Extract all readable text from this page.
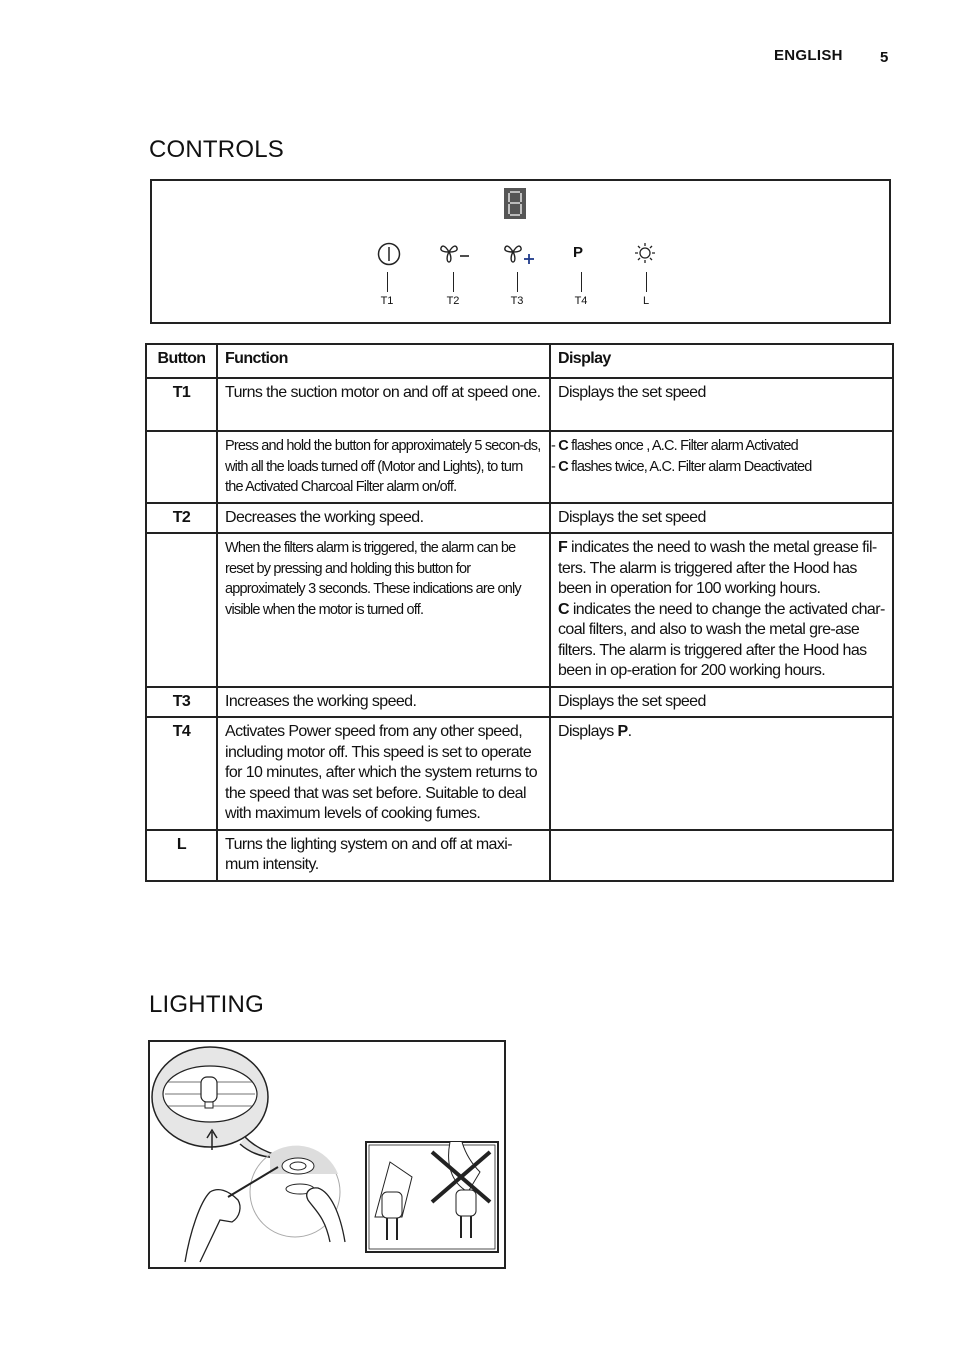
ENGLISH 5
CONTROLS
P
T1	T2	T3	T4	L
Button	Function	Display
T1	Turns the suction motor on and off at speed one.	Displays the set speed
	Press and hold the button for approximately 5 secon-ds, with all the loads turned off (Motor and Lights), to turn the Activated Charcoal Filter alarm on/off.	- C flashes once , A.C. Filter alarm Activated
- C flashes twice, A.C. Filter alarm Deactivated

T2	Decreases the working speed.	Displays the set speed
	When the filters alarm is triggered, the alarm can be reset by pressing and holding this button for approximately 3 seconds. These indications are only visible when the motor is turned off.	F indicates the need to wash the metal grease fil-ters. The alarm is triggered after the Hood has been in operation for 100 working hours.
C indicates the need to change the activated char-coal filters, and also to wash the metal gre-ase filters. The alarm is triggered after the Hood has been in op-eration for 200 working hours.

T3	Increases the working speed.	Displays the set speed
T4	Activates Power speed from any other speed, including motor off. This speed is set to operate for 10 minutes, after which the system returns to the speed that was set before. Suitable to deal with maximum levels of cooking fumes.	Displays P.
L	Turns the lighting system on and off at maxi-mum intensity.	
LIGHTING
